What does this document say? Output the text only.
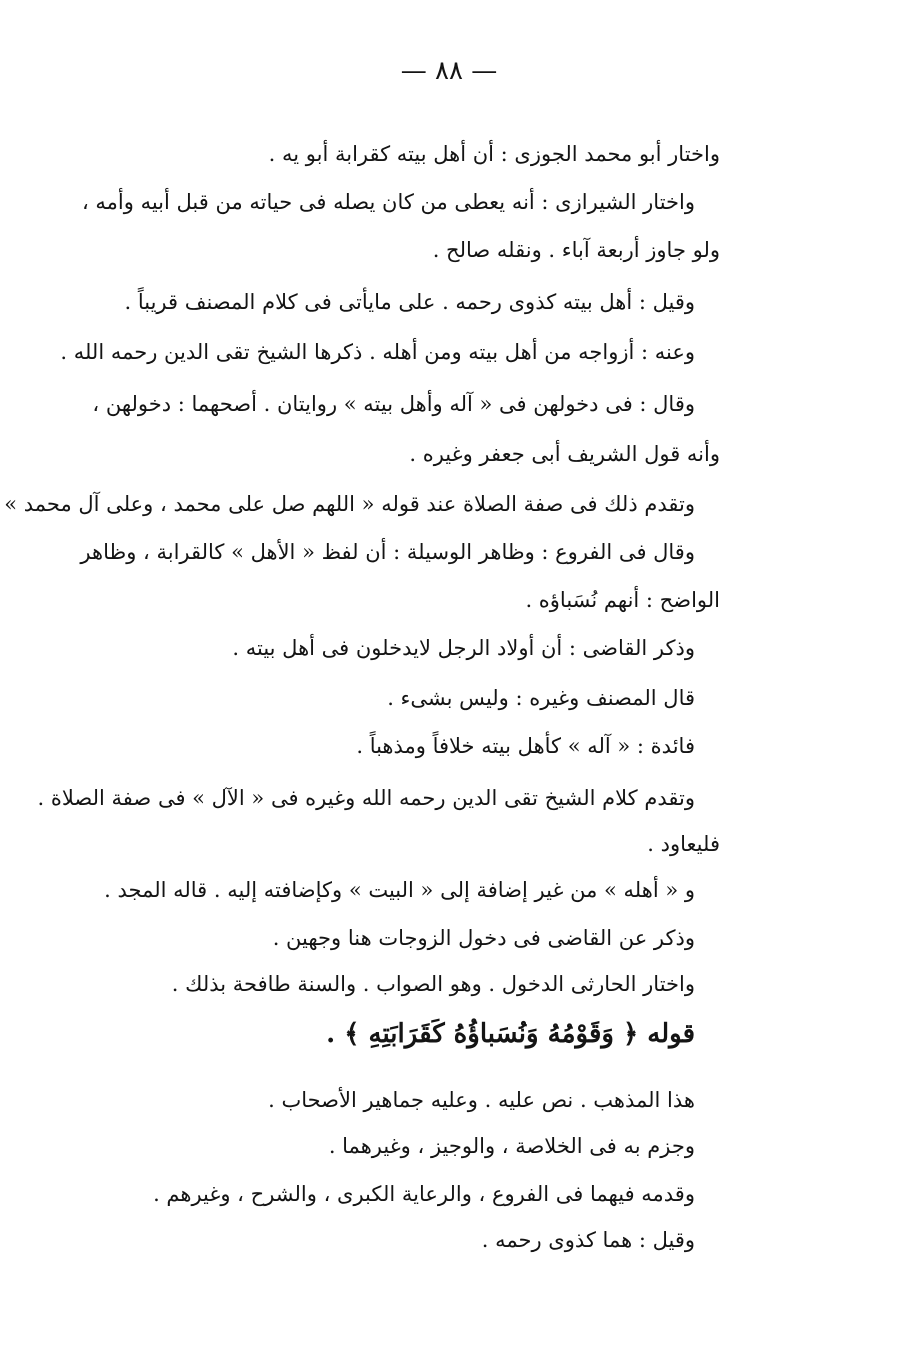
— ٨٨ —
واختار أبو محمد الجوزى : أن أهل بيته كقرابة أبو يه .
واختار الشيرازى : أنه يعطى من كان يصله فى حياته من قبل أبيه وأمه ،
ولو جاوز أربعة آباء . ونقله صالح .
وقيل : أهل بيته كذوى رحمه . على مايأتى فى كلام المصنف قريباً .
وعنه : أزواجه من أهل بيته ومن أهله . ذكرها الشيخ تقى الدين رحمه الله .
وقال : فى دخولهن فى « آله وأهل بيته » روايتان . أصحهما : دخولهن ،
وأنه قول الشريف أبى جعفر وغيره .
وتقدم ذلك فى صفة الصلاة عند قوله « اللهم صل على محمد ، وعلى آل محمد »
وقال فى الفروع : وظاهر الوسيلة : أن لفظ « الأهل » كالقرابة ، وظاهر
الواضح : أنهم نُسَباؤه .
وذكر القاضى : أن أولاد الرجل لايدخلون فى أهل بيته .
قال المصنف وغيره : وليس بشىء .
فائدة : « آله » كأهل بيته خلافاً ومذهباً .
وتقدم كلام الشيخ تقى الدين رحمه الله وغيره فى « الآل » فى صفة الصلاة .
فليعاود .
و « أهله » من غير إضافة إلى « البيت » وكإضافته إليه . قاله المجد .
وذكر عن القاضى فى دخول الزوجات هنا وجهين .
واختار الحارثى الدخول . وهو الصواب . والسنة طافحة بذلك .
قوله ﴿ وَقَوْمُهُ وَنُسَباؤُهُ كَقَرَابَتِهِ ﴾ .
هذا المذهب . نص عليه . وعليه جماهير الأصحاب .
وجزم به فى الخلاصة ، والوجيز ، وغيرهما .
وقدمه فيهما فى الفروع ، والرعاية الكبرى ، والشرح ، وغيرهم .
وقيل : هما كذوى رحمه .
